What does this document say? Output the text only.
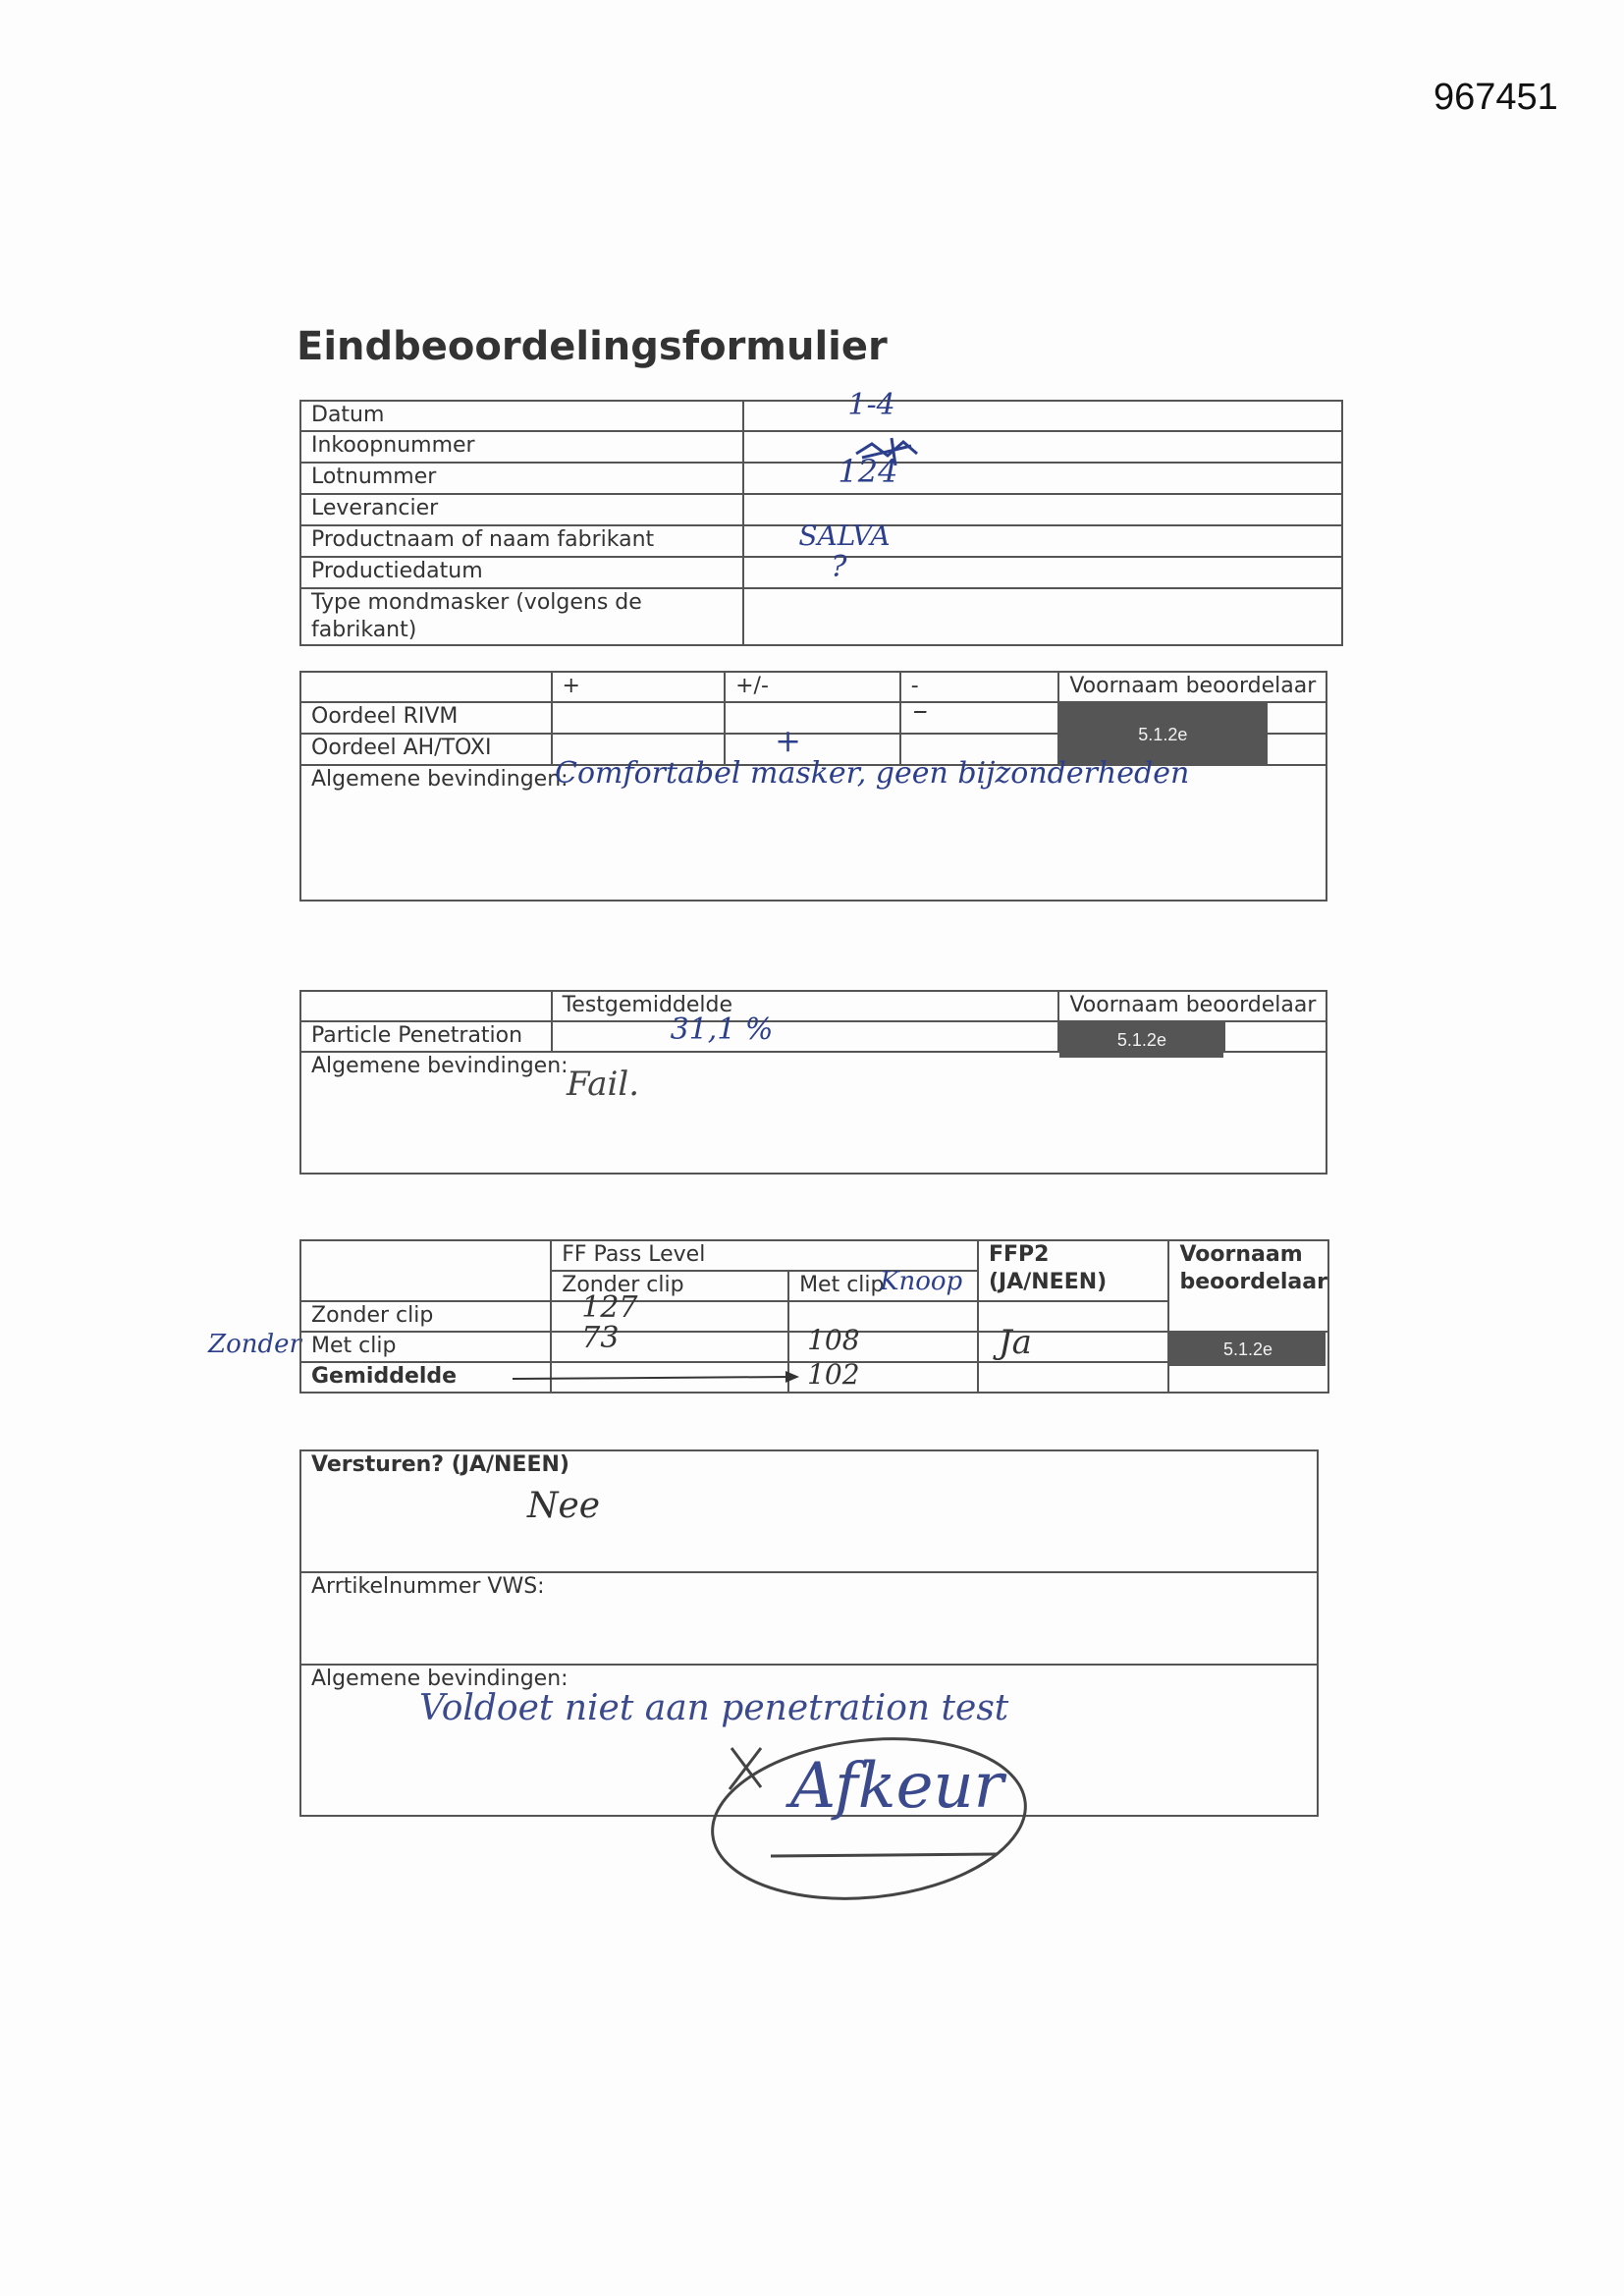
967451
Eindbeoordelingsformulier
Datum	1-4

Inkoopnummer	

Lotnummer	124

Leverancier	
Productnaam of naam fabrikant	SALVA

Productiedatum	?

Type mondmasker (volgens de fabrikant)	
	+	+/-	-	Voornaam beoordelaar	
Oordeel RIVM			–	5.1.2e	

Oordeel AH/TOXI		+			

Algemene bevindingen:
Comfortabel masker, geen bijzonderheden					
	Testgemiddelde	Voornaam beoordelaar	
Particle Penetration	31,1 %	5.1.2e	

Algemene bevindingen:
Fail.			
Zonder
	FF Pass Level		FFP2 (JA/NEEN)	Voornaam beoordelaar
	Zonder clip	Met clip
Knoop		

Zonder clip	127			

Met clip	73	108	Ja	5.1.2e

Gemiddelde		102		

Versturen? (JA/NEEN)
Nee

Arrtikelnummer VWS:
Algemene bevindingen:
Voldoet niet aan penetration test
Afkeur
